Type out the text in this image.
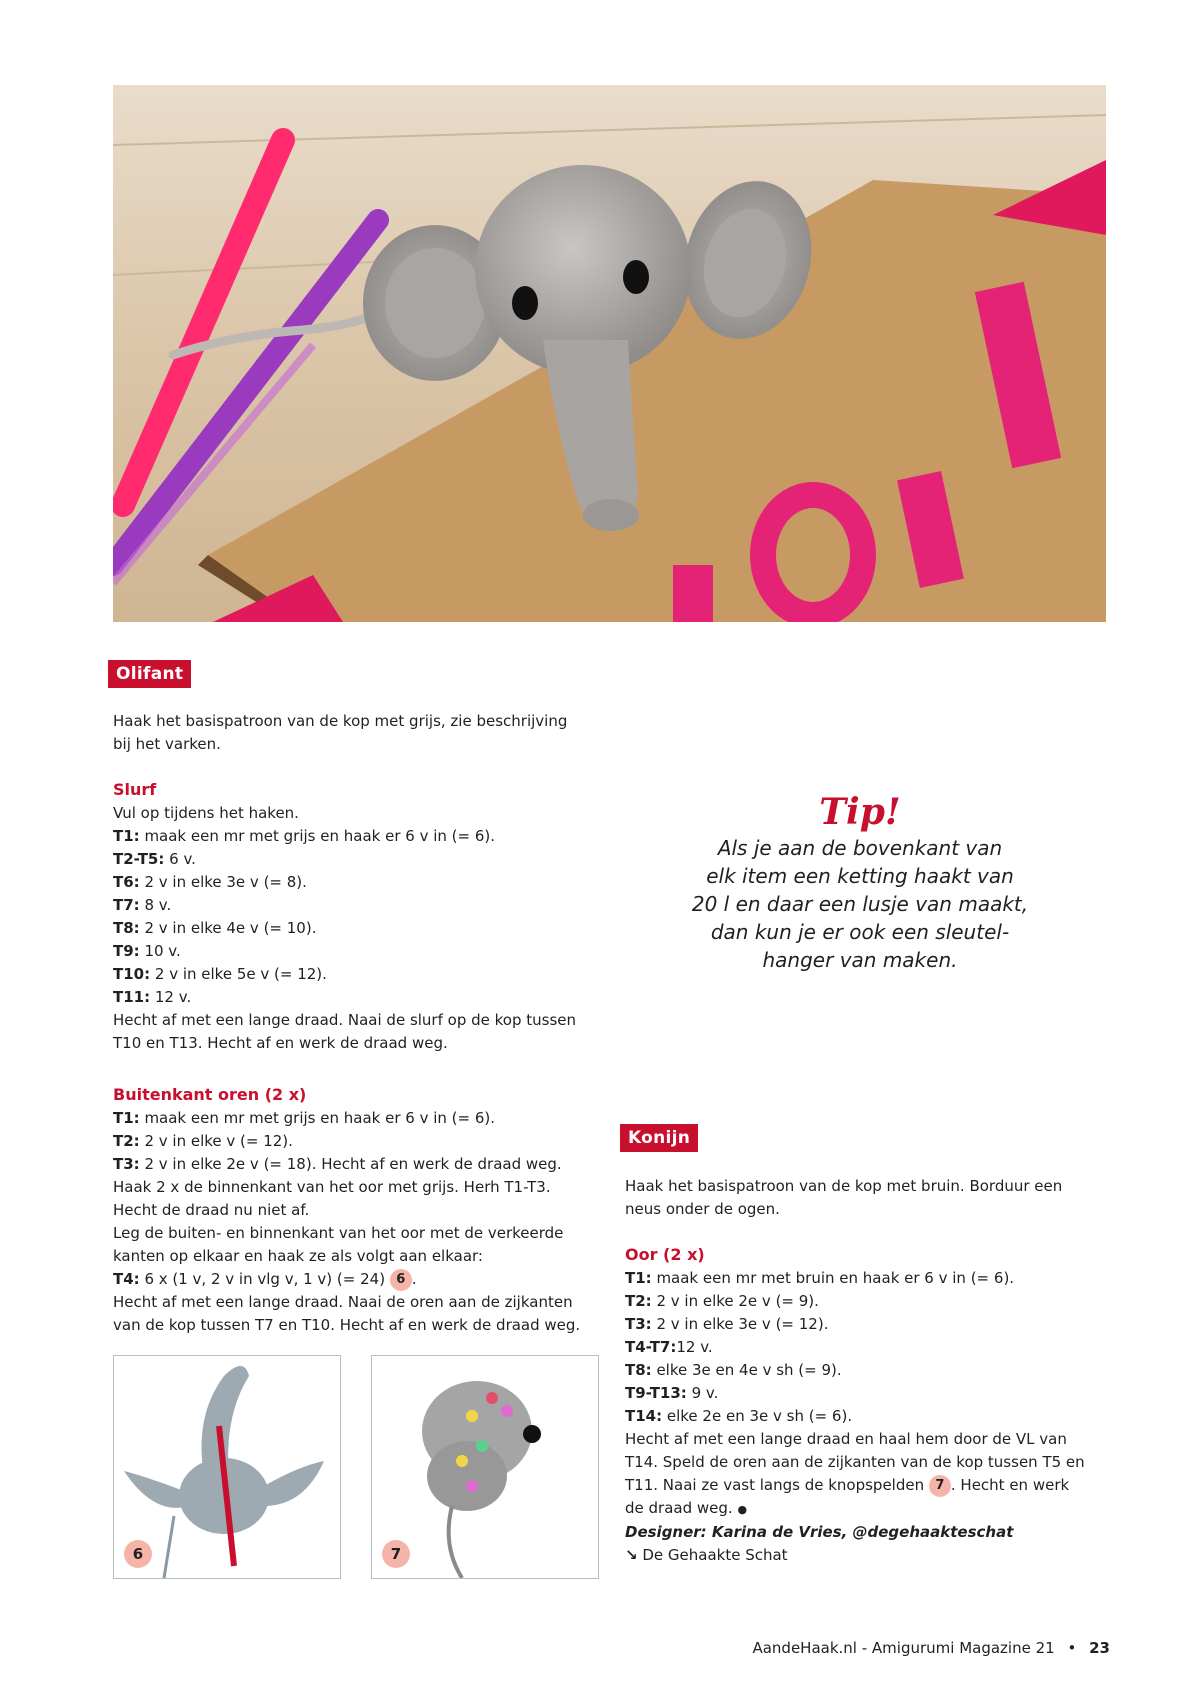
Olifant

Haak het basispatroon van de kop met grijs, zie beschrijving

bij het varken.

Slurf

Vul op tijdens het haken.

T1: maak een mr met grijs en haak er 6 v in (= 6).

T2-T5: 6 v.

T6: 2 v in elke 3e v (= 8).

T7: 8 v.

T8: 2 v in elke 4e v (= 10).

T9: 10 v.

T10: 2 v in elke 5e v (= 12).

T11: 12 v.

Hecht af met een lange draad. Naai de slurf op de kop tussen

T10 en T13. Hecht af en werk de draad weg.

Buitenkant oren (2 x)

T1: maak een mr met grijs en haak er 6 v in (= 6).

T2: 2 v in elke v (= 12).

T3: 2 v in elke 2e v (= 18). Hecht af en werk de draad weg.

Haak 2 x de binnenkant van het oor met grijs. Herh T1-T3.

Hecht de draad nu niet af.

Leg de buiten- en binnenkant van het oor met de verkeerde

kanten op elkaar en haak ze als volgt aan elkaar:

T4: 6 x (1 v, 2 v in vlg v, 1 v) (= 24) 6 .

Hecht af met een lange draad. Naai de oren aan de zijkanten

van de kop tussen T7 en T10. Hecht af en werk de draad weg.

6	7
Tip!
Als je aan de bovenkant van
elk item een ketting haakt van
20 l en daar een lusje van maakt,
dan kun je er ook een sleutel-
hanger van maken.
Konijn

Haak het basispatroon van de kop met bruin. Borduur een

neus onder de ogen.

Oor (2 x)

T1: maak een mr met bruin en haak er 6 v in (= 6).

T2: 2 v in elke 2e v (= 9).

T3: 2 v in elke 3e v (= 12).

T4-T7:12 v.

T8: elke 3e en 4e v sh (= 9).

T9-T13: 9 v.

T14: elke 2e en 3e v sh (= 6).

Hecht af met een lange draad en haal hem door de VL van

T14. Speld de oren aan de zijkanten van de kop tussen T5 en

T11. Naai ze vast langs de knopspelden 7 . Hecht en werk

de draad weg. ●

Designer: Karina de Vries, @degehaakteschat

↘ De Gehaakte Schat

AandeHaak.nl - Amigurumi Magazine 21 • 23
